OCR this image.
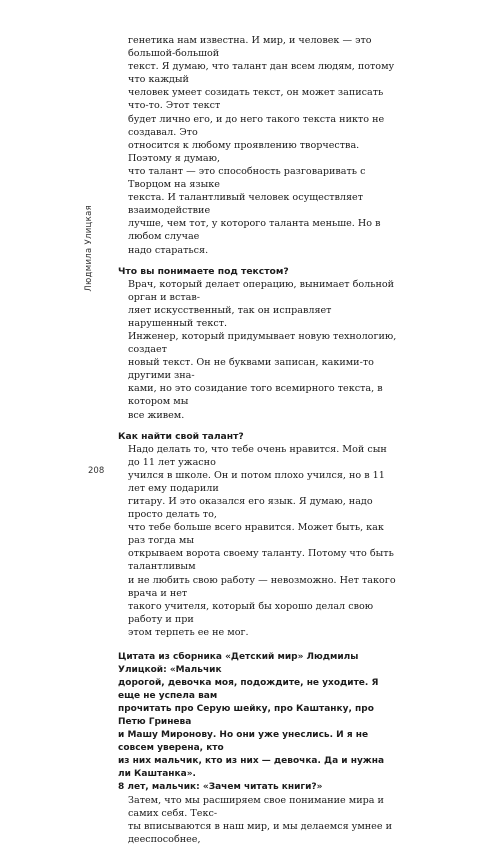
Людмила Улицкая
208

генетика нам известна. И мир, и человек — это большой-большой
текст. Я думаю, что талант дан всем людям, потому что каждый
человек умеет созидать текст, он может записать что-то. Этот текст
будет лично его, и до него такого текста никто не создавал. Это
относится к любому проявлению творчества. Поэтому я думаю,
что талант — это способность разговаривать с Творцом на языке
текста. И талантливый человек осуществляет взаимодействие
лучше, чем тот, у которого таланта меньше. Но в любом случае
надо стараться.

Что вы понимаете под текстом?

Врач, который делает операцию, вынимает больной орган и встав-
ляет искусственный, так он исправляет нарушенный текст.
Инженер, который придумывает новую технологию, создает
новый текст. Он не буквами записан, какими-то другими зна-
ками, но это созидание того всемирного текста, в котором мы
все живем.

Как найти свой талант?

Надо делать то, что тебе очень нравится. Мой сын до 11 лет ужасно
учился в школе. Он и потом плохо учился, но в 11 лет ему подарили
гитару. И это оказался его язык. Я думаю, надо просто делать то,
что тебе больше всего нравится. Может быть, как раз тогда мы
открываем ворота своему таланту. Потому что быть талантливым
и не любить свою работу — невозможно. Нет такого врача и нет
такого учителя, который бы хорошо делал свою работу и при
этом терпеть ее не мог.

Цитата из сборника «Детский мир» Людмилы Улицкой: «Мальчик
дорогой, девочка моя, подождите, не уходите. Я еще не успела вам
прочитать про Серую шейку, про Каштанку, про Петю Гринева
и Машу Миронову. Но они уже унеслись. И я не совсем уверена, кто
из них мальчик, кто из них — девочка. Да и нужна ли Каштанка».
8 лет, мальчик: «Зачем читать книги?»

Затем, что мы расширяем свое понимание мира и самих себя. Текс-
ты вписываются в наш мир, и мы делаемся умнее и дееспособнее,
